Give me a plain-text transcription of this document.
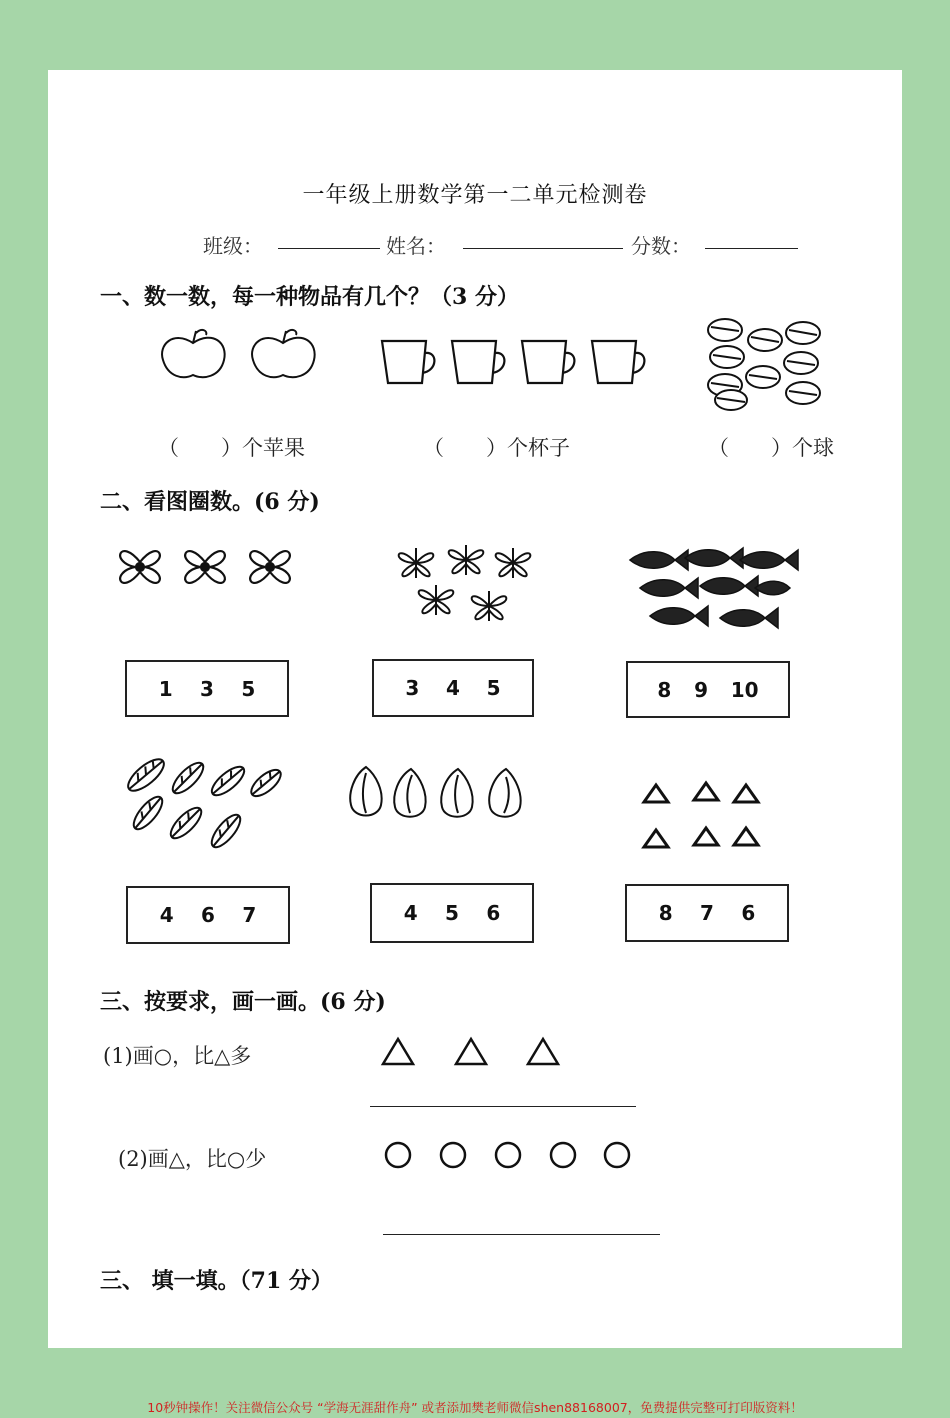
一年级上册数学第一二单元检测卷
班级：	姓名：	分数：
一、数一数，每一种物品有几个？（3 分）
（　　）个苹果	（　　）个杯子	（　　）个球
二、看图圈数。(6 分)
1 3 5	3 4 5	8 9 10
4 6 7	4 5 6	8 7 6
三、按要求，画一画。(6 分)
(1)画○，比△多
(2)画△，比○少
三、 填一填。（71 分）
10秒钟操作！关注微信公众号 “学海无涯甜作舟” 或者添加樊老师微信shen88168007，免费提供完整可打印版资料！
